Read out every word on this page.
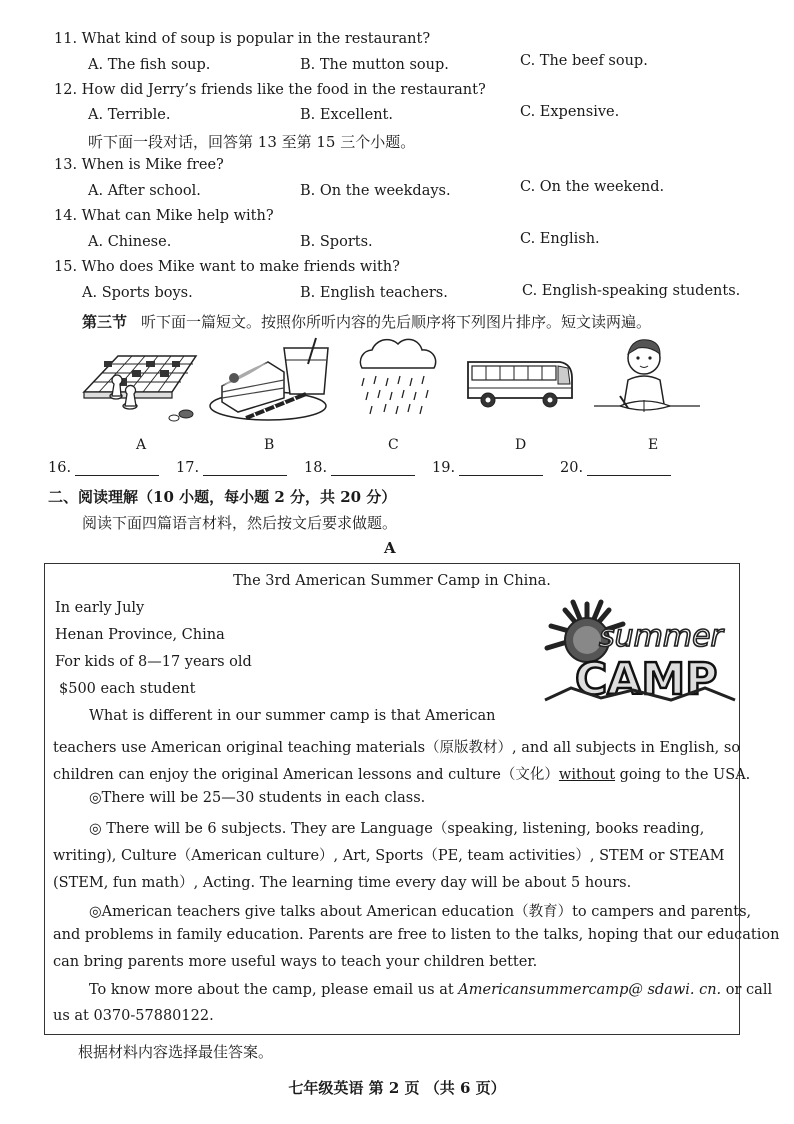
11. What kind of soup is popular in the restaurant?
A. The fish soup.	B. The mutton soup.	C. The beef soup.
12. How did Jerry’s friends like the food in the restaurant?
A. Terrible.	B. Excellent.	C. Expensive.
听下面一段对话，回答第 13 至第 15 三个小题。
13. When is Mike free?
A. After school.	B. On the weekdays.	C. On the weekend.
14. What can Mike help with?
A. Chinese.	B. Sports.	C. English.
15. Who does Mike want to make friends with?
A. Sports boys.	B. English teachers.	C. English-speaking students.
第三节 听下面一篇短文。按照你所听内容的先后顺序将下列图片排序。短文读两遍。
A	B	C	D	E
16.	17.	18.	19.	20.
二、阅读理解（10 小题，每小题 2 分，共 20 分）
阅读下面四篇语言材料，然后按文后要求做题。
A
The 3rd American Summer Camp in China.
In early July
Henan Province, China
For kids of 8—17 years old
$500 each student
summer
CAMP
What is different in our summer camp is that American
teachers use American original teaching materials（原版教材）, and all subjects in English, so
children can enjoy the original American lessons and culture（文化）without going to the USA.
◎There will be 25—30 students in each class.
◎ There will be 6 subjects. They are Language（speaking, listening, books reading,
writing), Culture（American culture）, Art, Sports（PE, team activities）, STEM or STEAM
(STEM, fun math）, Acting. The learning time every day will be about 5 hours.
◎American teachers give talks about American education（教育）to campers and parents,
and problems in family education. Parents are free to listen to the talks, hoping that our education
can bring parents more useful ways to teach your children better.
To know more about the camp, please email us at Americansummercamp@ sdawi. cn. or call
us at 0370-57880122.
根据材料内容选择最佳答案。
七年级英语 第 2 页 （共 6 页）
